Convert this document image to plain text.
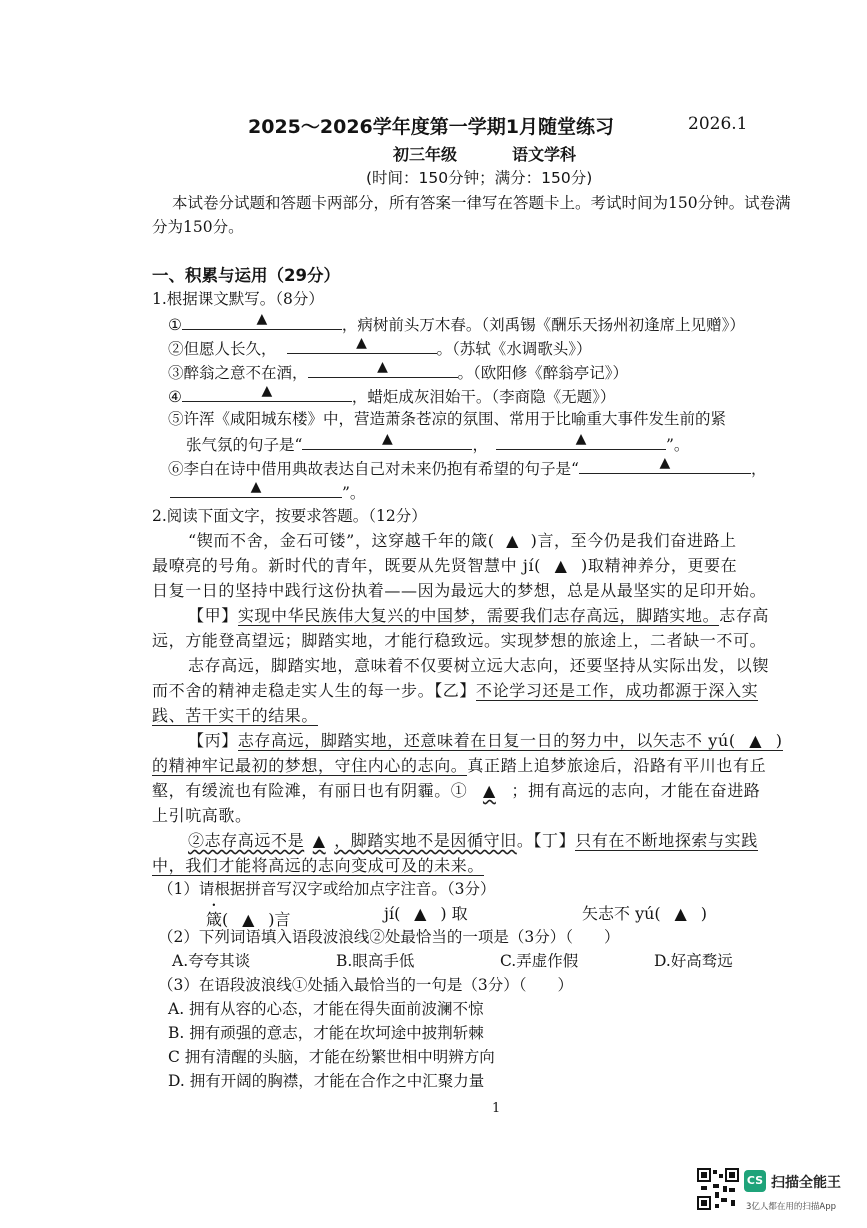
2025～2026学年度第一学期1月随堂练习	2026.1
初三年级	语文学科
(时间：150分钟；满分：150分)
本试卷分试题和答题卡两部分，所有答案一律写在答题卡上。考试时间为150分钟。试卷满
分为150分。
一、积累与运用（29分）
1.根据课文默写。（8分）
①	▲	，病树前头万木春。（刘禹锡《酬乐天扬州初逢席上见赠》）
②但愿人长久，	▲	。（苏轼《水调歌头》）
③醉翁之意不在酒，	▲	。（欧阳修《醉翁亭记》）
④	▲	，蜡炬成灰泪始干。（李商隐《无题》）
⑤许浑《咸阳城东楼》中，营造萧条苍凉的氛围、常用于比喻重大事件发生前的紧
张气氛的句子是“	▲	，	▲	”。
⑥李白在诗中借用典故表达自己对未来仍抱有希望的句子是“	▲	，
▲	”。
2.阅读下面文字，按要求答题。（12分）
“锲而不舍，金石可镂”，这穿越千年的箴( ▲ )言，至今仍是我们奋进路上
最嘹亮的号角。新时代的青年，既要从先贤智慧中 jí( ▲ )取精神养分，更要在
日复一日的坚持中践行这份执着——因为最远大的梦想，总是从最坚实的足印开始。
【甲】实现中华民族伟大复兴的中国梦，需要我们志存高远，脚踏实地。志存高
远，方能登高望远；脚踏实地，才能行稳致远。实现梦想的旅途上，二者缺一不可。
志存高远，脚踏实地，意味着不仅要树立远大志向，还要坚持从实际出发，以锲
而不舍的精神走稳走实人生的每一步。【乙】不论学习还是工作，成功都源于深入实
践、苦干实干的结果。
【丙】志存高远，脚踏实地，还意味着在日复一日的努力中，以矢志不 yú( ▲ )
的精神牢记最初的梦想，守住内心的志向。真正踏上追梦旅途后，沿路有平川也有丘
壑，有缓流也有险滩，有丽日也有阴霾。① ▲ ；拥有高远的志向，才能在奋进路
上引吭高歌。
②志存高远不是 ▲ ，脚踏实地不是因循守旧。【丁】只有在不断地探索与实践
中，我们才能将高远的志向变成可及的未来。
（1）请根据拼音写汉字或给加点字注音。（3分）
箴( ▲ )言	jí( ▲ ) 取	矢志不 yú( ▲ )
（2）下列词语填入语段波浪线②处最恰当的一项是（3分）（　　）
A.夸夸其谈	B.眼高手低	C.弄虚作假	D.好高骛远
（3）在语段波浪线①处插入最恰当的一句是（3分）（　　）
A. 拥有从容的心态，才能在得失面前波澜不惊
B. 拥有顽强的意志，才能在坎坷途中披荆斩棘
C 拥有清醒的头脑，才能在纷繁世相中明辨方向
D. 拥有开阔的胸襟，才能在合作之中汇聚力量
1
CS 扫描全能王
3亿人都在用的扫描App
